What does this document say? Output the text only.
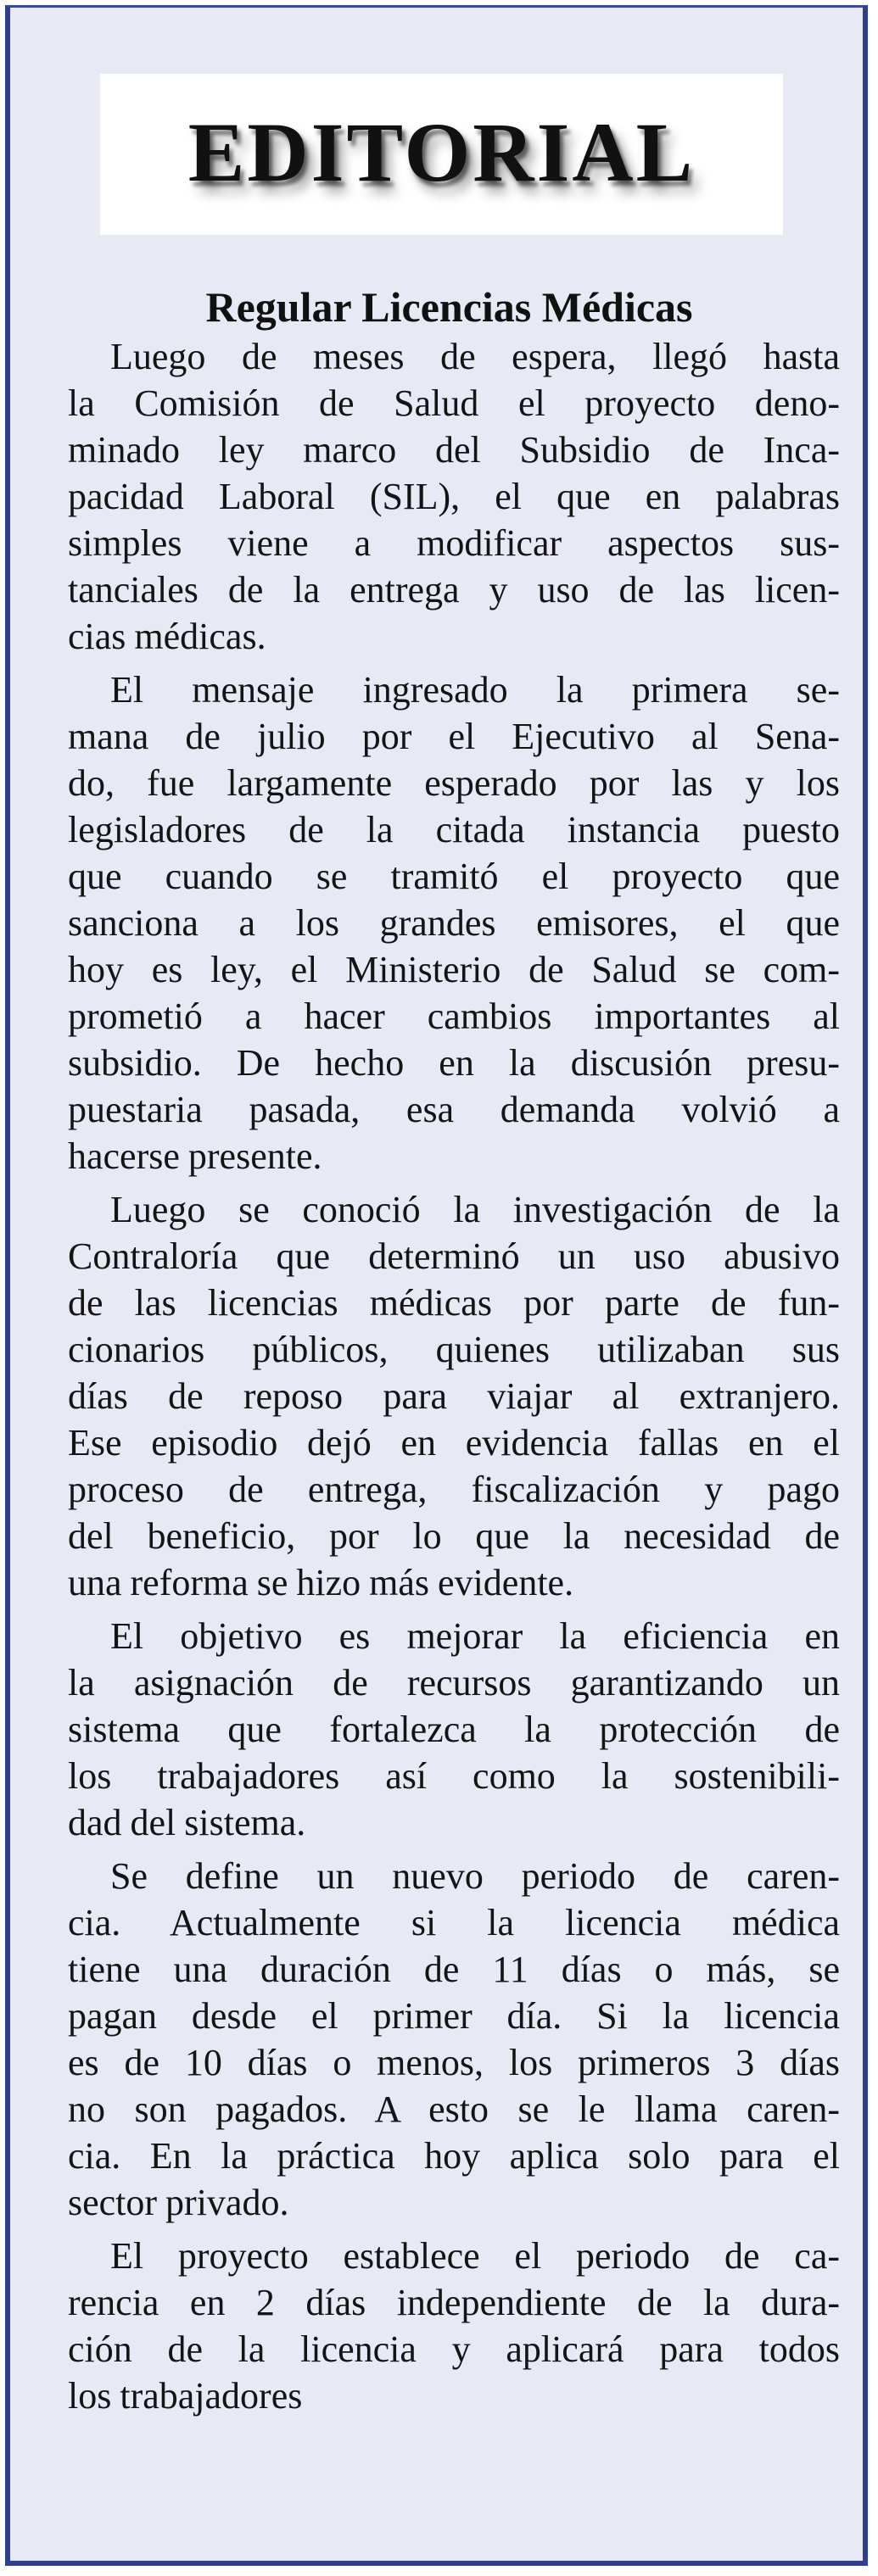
EDITORIAL
Regular Licencias Médicas

Luego de meses de espera, llegó hasta
la Comisión de Salud el proyecto deno-
minado ley marco del Subsidio de Inca-
pacidad Laboral (SIL), el que en palabras
simples viene a modificar aspectos sus-
tanciales de la entrega y uso de las licen-
cias médicas.

El mensaje ingresado la primera se-
mana de julio por el Ejecutivo al Sena-
do, fue largamente esperado por las y los
legisladores de la citada instancia puesto
que cuando se tramitó el proyecto que
sanciona a los grandes emisores, el que
hoy es ley, el Ministerio de Salud se com-
prometió a hacer cambios importantes al
subsidio. De hecho en la discusión presu-
puestaria pasada, esa demanda volvió a
hacerse presente.

Luego se conoció la investigación de la
Contraloría que determinó un uso abusivo
de las licencias médicas por parte de fun-
cionarios públicos, quienes utilizaban sus
días de reposo para viajar al extranjero.
Ese episodio dejó en evidencia fallas en el
proceso de entrega, fiscalización y pago
del beneficio, por lo que la necesidad de
una reforma se hizo más evidente.

El objetivo es mejorar la eficiencia en
la asignación de recursos garantizando un
sistema que fortalezca la protección de
los trabajadores así como la sostenibili-
dad del sistema.

Se define un nuevo periodo de caren-
cia. Actualmente si la licencia médica
tiene una duración de 11 días o más, se
pagan desde el primer día. Si la licencia
es de 10 días o menos, los primeros 3 días
no son pagados. A esto se le llama caren-
cia. En la práctica hoy aplica solo para el
sector privado.

El proyecto establece el periodo de ca-
rencia en 2 días independiente de la dura-
ción de la licencia y aplicará para todos
los trabajadores
